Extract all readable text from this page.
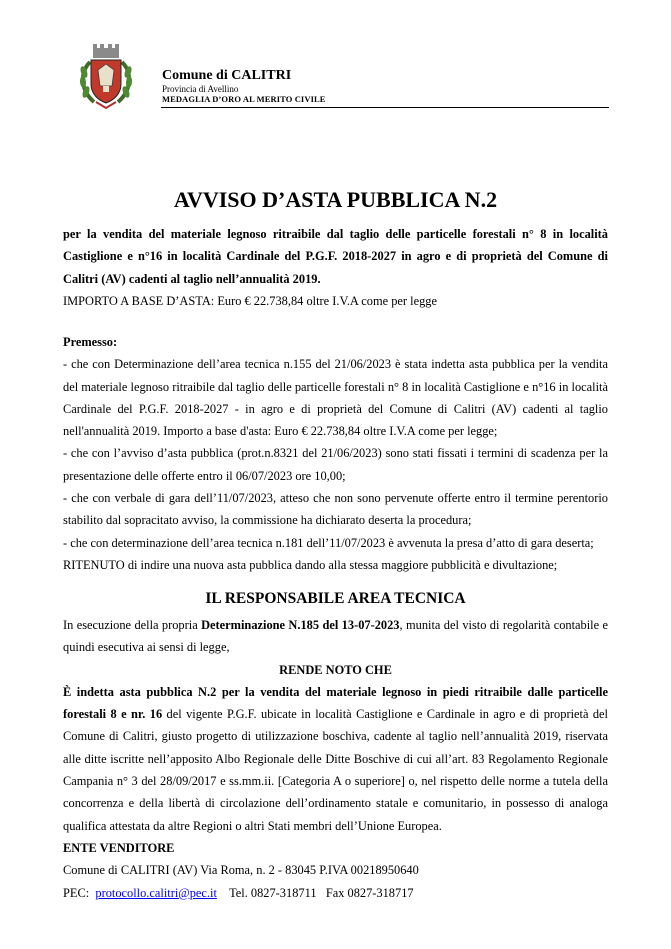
Comune di CALITRI
Provincia di Avellino
MEDAGLIA D’ORO AL MERITO CIVILE
AVVISO D’ASTA PUBBLICA N.2

per la vendita del materiale legnoso ritraibile dal taglio delle particelle forestali n° 8 in località Castiglione e n°16 in località Cardinale del P.G.F. 2018-2027 in agro e di proprietà del Comune di Calitri (AV) cadenti al taglio nell’annualità 2019.

IMPORTO A BASE D’ASTA: Euro € 22.738,84 oltre I.V.A come per legge

Premesso:

- che con Determinazione dell’area tecnica n.155 del 21/06/2023 è stata indetta asta pubblica per la vendita del materiale legnoso ritraibile dal taglio delle particelle forestali n° 8 in località Castiglione e n°16 in località Cardinale del P.G.F. 2018-2027 - in agro e di proprietà del Comune di Calitri (AV) cadenti al taglio nell'annualità 2019. Importo a base d'asta: Euro € 22.738,84 oltre I.V.A come per legge;

- che con l’avviso d’asta pubblica (prot.n.8321 del 21/06/2023) sono stati fissati i termini di scadenza per la presentazione delle offerte entro il 06/07/2023 ore 10,00;

- che con verbale di gara dell’11/07/2023, atteso che non sono pervenute offerte entro il termine perentorio stabilito dal sopracitato avviso, la commissione ha dichiarato deserta la procedura;

- che con determinazione dell’area tecnica n.181 dell’11/07/2023 è avvenuta la presa d’atto di gara deserta;

RITENUTO di indire una nuova asta pubblica dando alla stessa maggiore pubblicità e divultazione;

IL RESPONSABILE AREA TECNICA

In esecuzione della propria Determinazione N.185 del 13-07-2023, munita del visto di regolarità contabile e quindi esecutiva ai sensi di legge,

RENDE NOTO CHE

È indetta asta pubblica N.2 per la vendita del materiale legnoso in piedi ritraibile dalle particelle forestali 8 e nr. 16 del vigente P.G.F. ubicate in località Castiglione e Cardinale in agro e di proprietà del Comune di Calitri, giusto progetto di utilizzazione boschiva, cadente al taglio nell’annualità 2019, riservata alle ditte iscritte nell’apposito Albo Regionale delle Ditte Boschive di cui all’art. 83 Regolamento Regionale Campania n° 3 del 28/09/2017 e ss.mm.ii. [Categoria A o superiore] o, nel rispetto delle norme a tutela della concorrenza e della libertà di circolazione dell’ordinamento statale e comunitario, in possesso di analoga qualifica attestata da altre Regioni o altri Stati membri dell’Unione Europea.

ENTE VENDITORE

Comune di CALITRI (AV) Via Roma, n. 2 - 83045 P.IVA 00218950640

PEC: protocollo.calitri@pec.it Tel. 0827-318711 Fax 0827-318717
